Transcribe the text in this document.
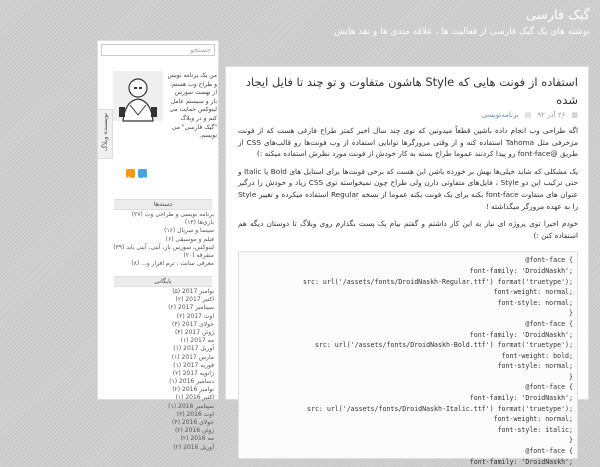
گیک فارسی
نوشته های یک گیک فارسی از فعالیت ها ، علاقه مندی ها و نقد هایش
جستجو
نویسنده وبلاگ
من یک برنامه نویس و طراح وب هستم، از نهضت سورس باز و سیستم عامل لینوکس حمایت می کنم و در وبلاگ "گیک فارسی" می نویسم.
دسته‌ها
برنامه نویسی و طراحی وب (۲۷)
بازی‌ها (۱۳)
سینما و سریال (۱۶)
فیلم و موسیقی (۶)
لینوکس، سورس باز، آیتی، آیتی باید (۳۹)
متفرقه (۲۰)
معرفی سایت ، ترم افزار و... (۸)
بایگانی
نوامبر 2017 (۵)
اکتبر 2017 (۲)
سپتامبر 2017 (۲)
اوت 2017 (۲)
جولای 2017 (۴)
ژوئن 2017 (۴)
مه 2017 (۱)
آوریل 2017 (۱)
مارس 2017 (۱)
فوریه 2017 (۱)
ژانویه 2017 (۲)
دسامبر 2016 (۱)
نوامبر 2016 (۲)
اکتبر 2016 (۱)
سپتامبر 2016 (۱)
اوت 2016 (۳)
جولای 2016 (۴)
ژوئن 2016 (۲)
مه 2016 (۲)
آوریل 2016 (۲)
استفاده از فونت هایی که Style هاشون متفاوت و تو چند تا فایل ایجاد شده
▦
۲۶ آذر ۹۲
▤
برنامه‌نویسی

اگه طراحی وب انجام داده باشین قطعاً میدونین که توی چند سال اخیر کمتر طراح فارغی هست که از فونت مزخرفی مثل Tahoma استفاده کنه و از وقتی مرورگرها توانایی استفاده از وب فونت‌ها رو قالب‌های CSS از طریق @font-face رو پیدا کردنند عموما طراح بسته به کار خودش از فونت مورد نظرش استفاده میکنه :)

یک مشکلی که شاید خیلی‌ها بهش بر خورده باشن این هست که برخی فونت‌ها برای استایل های Bold یا Italic و حتی ترکیب این دو Style ، فایل‌های متفاوتی دارن ولی طراح چون نمیخواسته توی CSS زیاد و خودش را درگیر عنوان های متفاوت font-face بکنه برای یک فونت بکنه عموما از نسخه Regular استفاده میکرده و تغییر Style را به عهده مرورگر میگذاشته !

خودم اخیرا توی پروژه ای نیاز به این کار داشتم و گفتم بیام یک پست بگذارم روی وبلاگ تا دوستان دیگه هم استفاده کنن :)

@font-face {
font-family: 'DroidNaskh';
src: url('/assets/fonts/DroidNaskh-Regular.ttf') format('truetype');
font-weight: normal;
font-style: normal;
}
@font-face {
font-family: 'DroidNaskh';
src: url('/assets/fonts/DroidNaskh-Bold.ttf') format('truetype');
font-weight: bold;
font-style: normal;
}
@font-face {
font-family: 'DroidNaskh';
src: url('/assets/fonts/DroidNaskh-Italic.ttf') format('truetype');
font-weight: normal;
font-style: italic;
}
@font-face {
font-family: 'DroidNaskh';
